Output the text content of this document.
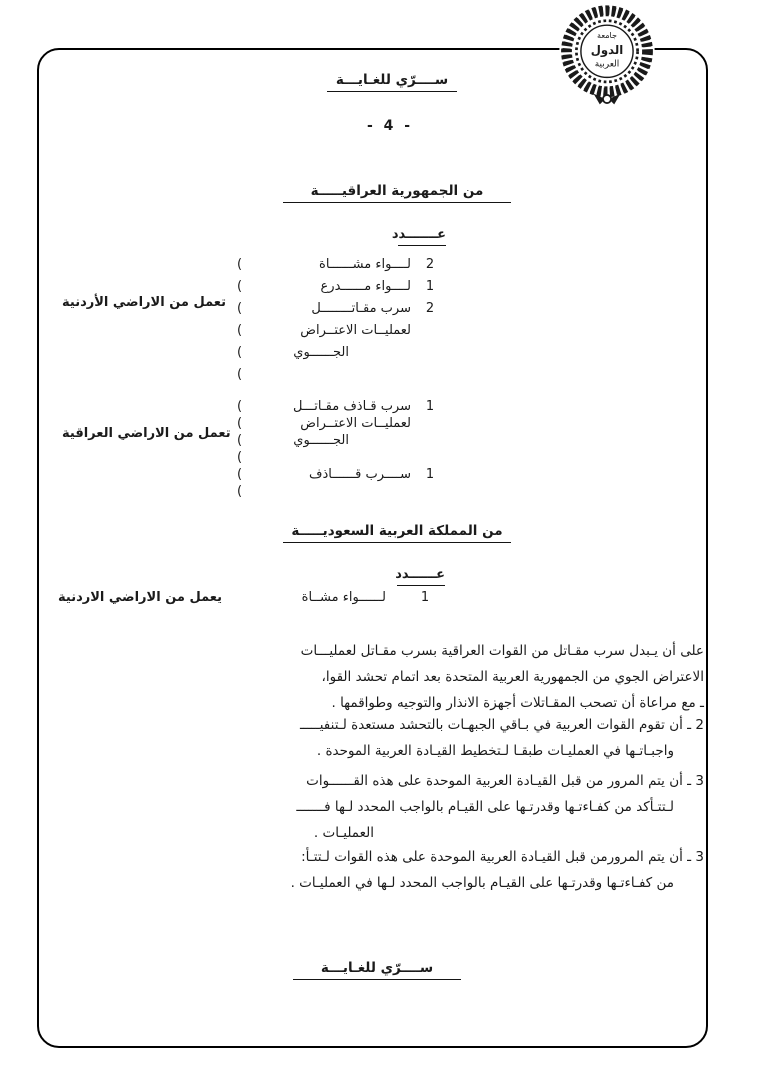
جامعة
الدول
العربية
ســــرّي للغـايـــة
- 4 -
من الجمهورية العراقيـــــة
عـــــــدد
2
لــــواء مشــــــاة
(
1
لــــواء مــــــدرع
(
2
سرب مقـاتــــــــل
(
لعمليــات الاعتــراض
(
الجــــــوي
(
(
تعمل من الاراضي الأردنية
1
سرب قـاذف مقـاتـــل
(
لعمليــات الاعتــراض
(
الجــــــوي
(
(
1
ســــرب قــــــاذف
(
(
تعمل من الاراضي العراقية
من المملكة العربية السعوديـــــة
عــــــدد
1
لــــــواء مشــاة
يعمل من الاراضي الاردنية
على أن يـبدل سرب مقـاتل من القوات العراقية بسرب مقـاتل لعمليـــات
الاعتراض الجوي من الجمهورية العربية المتحدة بعد اتمام تحشد القوا،
ـ مع مراعاة أن تصحب المقـاتلات أجهزة الانذار والتوجيه وطواقمها .
2 ـ أن تقوم القوات العربية في بـاقي الجبهـات بالتحشد مستعدة لـتنفيـــــ
واجبـاتـها في العمليـات طبقـا لـتخطيط القيـادة العربية الموحدة .
3 ـ أن يتم المرور من قبل القيـادة العربية الموحدة على هذه القــــــوات
لـتتـأكد من كفـاءتـها وقدرتـها على القيـام بالواجب المحدد لـها فـــــــ
العمليـات .
3 ـ أن يتم المرورمن قبل القيـادة العربية الموحدة على هذه القوات لـتتـأ:
من كفـاءتـها وقدرتـها على القيـام بالواجب المحدد لـها في العمليـات .
ســــرّي للغـايـــة
